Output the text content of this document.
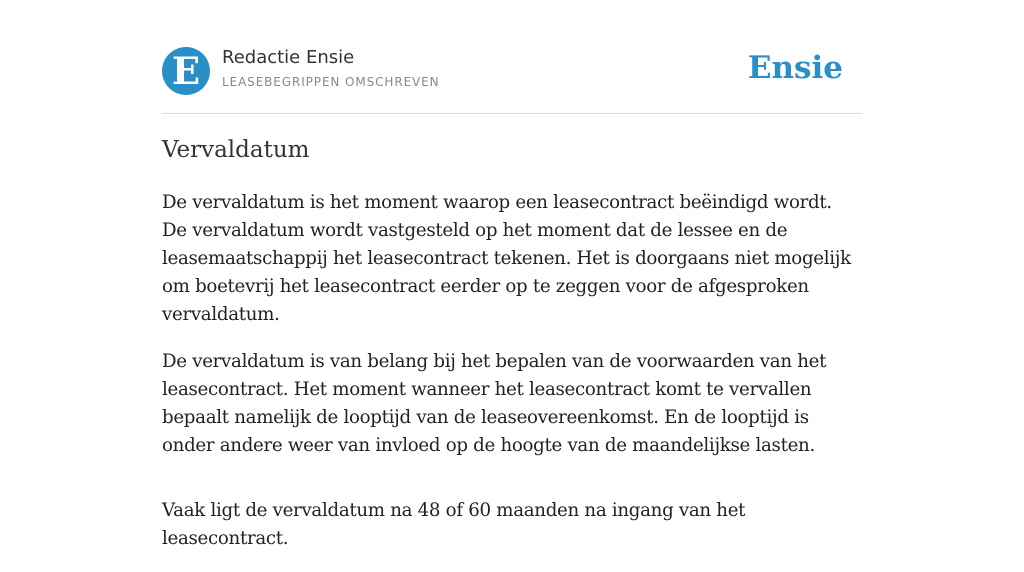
E Redactie Ensie
LEASEBEGRIPPEN OMSCHREVEN	Ensie
Vervaldatum

De vervaldatum is het moment waarop een leasecontract beëindigd wordt. De vervaldatum wordt vastgesteld op het moment dat de lessee en de leasemaatschappij het leasecontract tekenen. Het is doorgaans niet mogelijk om boetevrij het leasecontract eerder op te zeggen voor de afgesproken vervaldatum.

De vervaldatum is van belang bij het bepalen van de voorwaarden van het leasecontract. Het moment wanneer het leasecontract komt te vervallen bepaalt namelijk de looptijd van de leaseovereenkomst. En de looptijd is onder andere weer van invloed op de hoogte van de maandelijkse lasten.

Vaak ligt de vervaldatum na 48 of 60 maanden na ingang van het leasecontract.
